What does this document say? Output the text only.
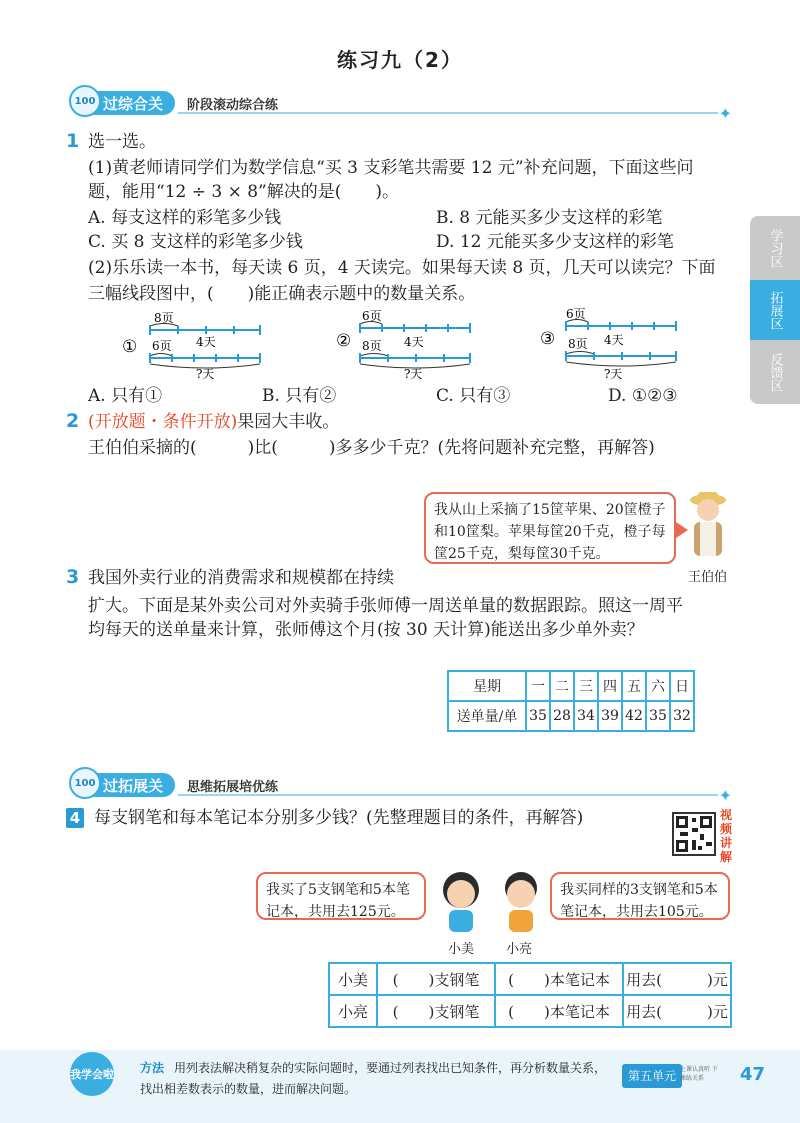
练习九（2）
100 过综合关 阶段滚动综合练	✦
学习区
拓展区
反馈区
1 选一选。
(1)黄老师请同学们为数学信息“买 3 支彩笔共需要 12 元”补充问题，下面这些问
题，能用“12 ÷ 3 × 8”解决的是(　　)。
A. 每支这样的彩笔多少钱	B. 8 元能买多少支这样的彩笔
C. 买 8 支这样的彩笔多少钱	D. 12 元能买多少支这样的彩笔
(2)乐乐读一本书，每天读 6 页，4 天读完。如果每天读 8 页，几天可以读完？下面
三幅线段图中，(　　)能正确表示题中的数量关系。
①
8页
6页 4天
?天
②
6页
8页 4天
?天
③
6页
8页 4天
?天
A. 只有①	B. 只有②	C. 只有③	D. ①②③
2 (开放题・条件开放)果园大丰收。
王伯伯采摘的(　　　)比(　　　)多多少千克？(先将问题补充完整，再解答)
我从山上采摘了15筐苹果、20筐橙子和10筐梨。苹果每筐20千克，橙子每筐25千克，梨每筐30千克。
王伯伯
3 我国外卖行业的消费需求和规模都在持续
扩大。下面是某外卖公司对外卖骑手张师傅一周送单量的数据跟踪。照这一周平
均每天的送单量来计算，张师傅这个月(按 30 天计算)能送出多少单外卖？
星期	一	二	三	四	五	六	日
送单量/单	35	28	34	39	42	35	32
100 过拓展关 思维拓展培优练	✦
4 每支钢笔和每本笔记本分别多少钱？(先整理题目的条件，再解答)	视频讲解
我买了5支钢笔和5本笔记本，共用去125元。
我买同样的3支钢笔和5本笔记本，共用去105元。
小美 小亮
小美	(　　)支钢笔	(　　)本笔记本	用去(　　　)元
小亮	(　　)支钢笔	(　　)本笔记本	用去(　　　)元
我学会啦 方法 用列表法解决稍复杂的实际问题时，要通过列表找出已知条件，再分析数量关系，找出相差数表示的数量，进而解决问题。
第五单元 上课认真听 下课练关系	47
